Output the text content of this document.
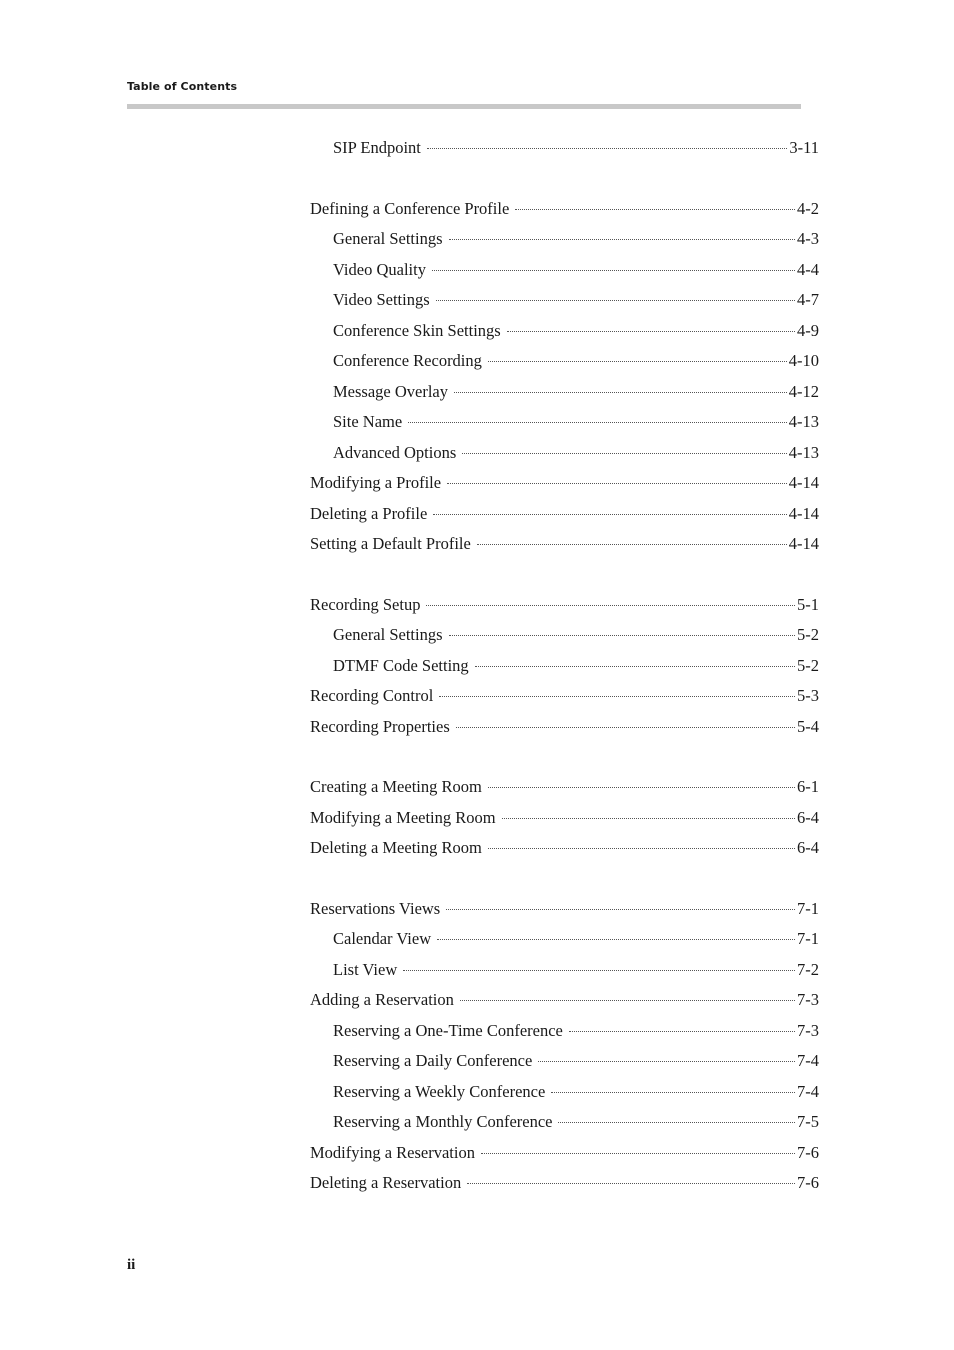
Table of Contents
SIP Endpoint	3-11
Defining a Conference Profile	4-2
General Settings	4-3
Video Quality	4-4
Video Settings	4-7
Conference Skin Settings	4-9
Conference Recording	4-10
Message Overlay	4-12
Site Name	4-13
Advanced Options	4-13
Modifying a Profile	4-14
Deleting a Profile	4-14
Setting a Default Profile	4-14
Recording Setup	5-1
General Settings	5-2
DTMF Code Setting	5-2
Recording Control	5-3
Recording Properties	5-4
Creating a Meeting Room	6-1
Modifying a Meeting Room	6-4
Deleting a Meeting Room	6-4
Reservations Views	7-1
Calendar View	7-1
List View	7-2
Adding a Reservation	7-3
Reserving a One-Time Conference	7-3
Reserving a Daily Conference	7-4
Reserving a Weekly Conference	7-4
Reserving a Monthly Conference	7-5
Modifying a Reservation	7-6
Deleting a Reservation	7-6
ii
